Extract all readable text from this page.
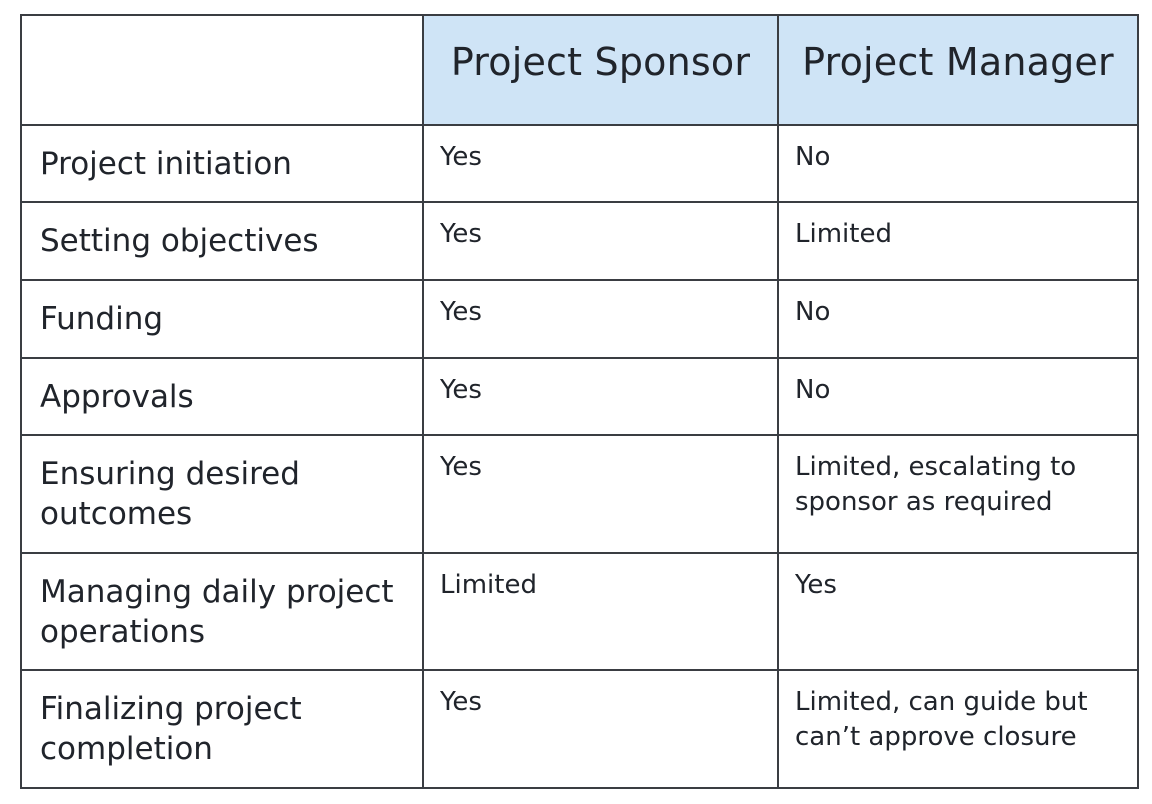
	Project Sponsor	Project Manager
Project initiation	Yes	No
Setting objectives	Yes	Limited
Funding	Yes	No
Approvals	Yes	No
Ensuring desired outcomes	Yes	Limited, escalating to sponsor as required
Managing daily project operations	Limited	Yes
Finalizing project completion	Yes	Limited, can guide but can’t approve closure
